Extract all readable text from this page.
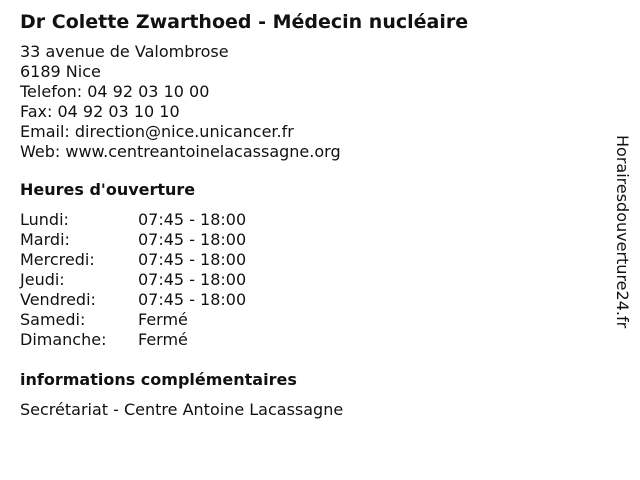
Dr Colette Zwarthoed - Médecin nucléaire
33 avenue de Valombrose
6189 Nice
Telefon: 04 92 03 10 00
Fax: 04 92 03 10 10
Email: direction@nice.unicancer.fr
Web: www.centreantoinelacassagne.org
Heures d'ouverture
Lundi:	07:45 - 18:00
Mardi:	07:45 - 18:00
Mercredi:	07:45 - 18:00
Jeudi:	07:45 - 18:00
Vendredi:	07:45 - 18:00
Samedi:	Fermé
Dimanche:	Fermé
informations complémentaires
Secrétariat - Centre Antoine Lacassagne
Horairesdouverture24.fr
